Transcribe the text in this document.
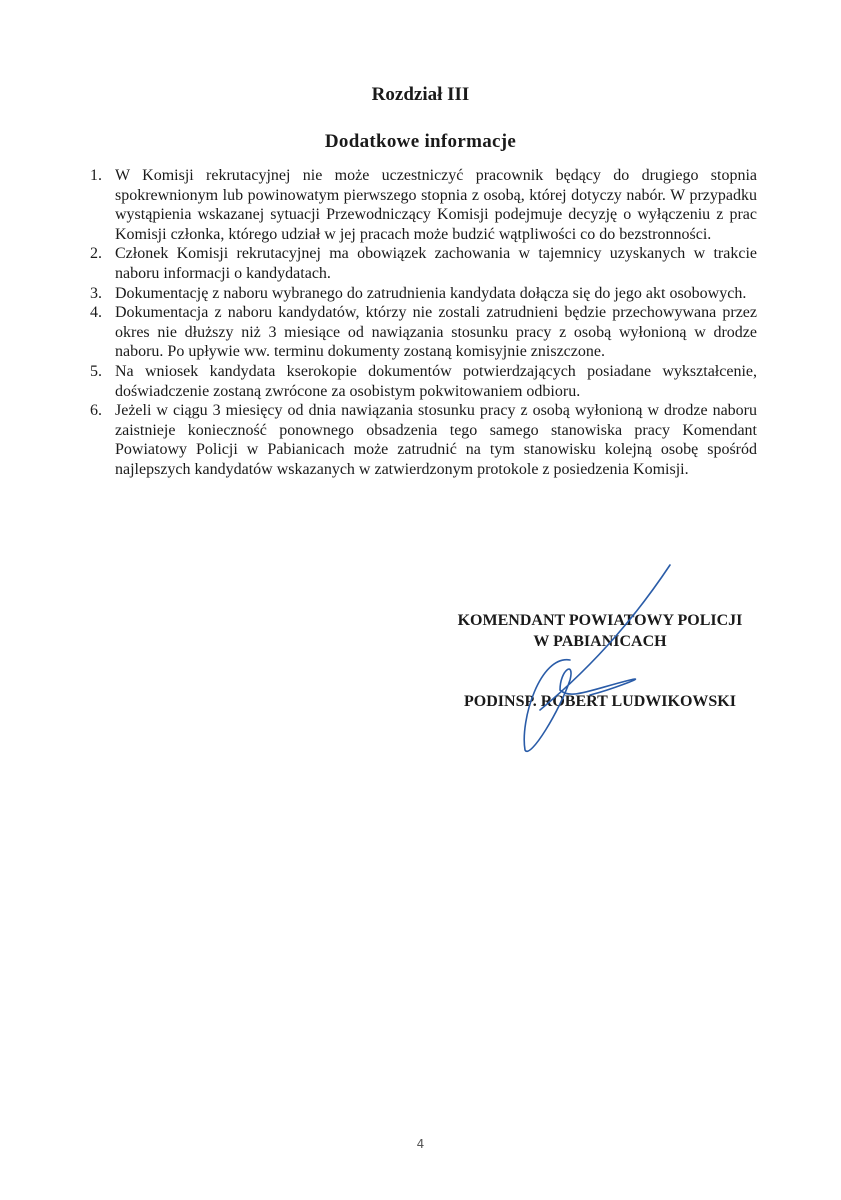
Rozdział III
Dodatkowe informacje
1. W Komisji rekrutacyjnej nie może uczestniczyć pracownik będący do drugiego stopnia spokrewnionym lub powinowatym pierwszego stopnia z osobą, której dotyczy nabór. W przypadku wystąpienia wskazanej sytuacji Przewodniczący Komisji podejmuje decyzję o wyłączeniu z prac Komisji członka, którego udział w jej pracach może budzić wątpliwości co do bezstronności.
2. Członek Komisji rekrutacyjnej ma obowiązek zachowania w tajemnicy uzyskanych w trakcie naboru informacji o kandydatach.
3. Dokumentację z naboru wybranego do zatrudnienia kandydata dołącza się do jego akt osobowych.
4. Dokumentacja z naboru kandydatów, którzy nie zostali zatrudnieni będzie przechowywana przez okres nie dłuższy niż 3 miesiące od nawiązania stosunku pracy z osobą wyłonioną w drodze naboru. Po upływie ww. terminu dokumenty zostaną komisyjnie zniszczone.
5. Na wniosek kandydata kserokopie dokumentów potwierdzających posiadane wykształcenie, doświadczenie zostaną zwrócone za osobistym pokwitowaniem odbioru.
6. Jeżeli w ciągu 3 miesięcy od dnia nawiązania stosunku pracy z osobą wyłonioną w drodze naboru zaistnieje konieczność ponownego obsadzenia tego samego stanowiska pracy Komendant Powiatowy Policji w Pabianicach może zatrudnić na tym stanowisku kolejną osobę spośród najlepszych kandydatów wskazanych w zatwierdzonym protokole z posiedzenia Komisji.
KOMENDANT POWIATOWY POLICJI
W PABIANICACH
PODINSP. ROBERT LUDWIKOWSKI
4
